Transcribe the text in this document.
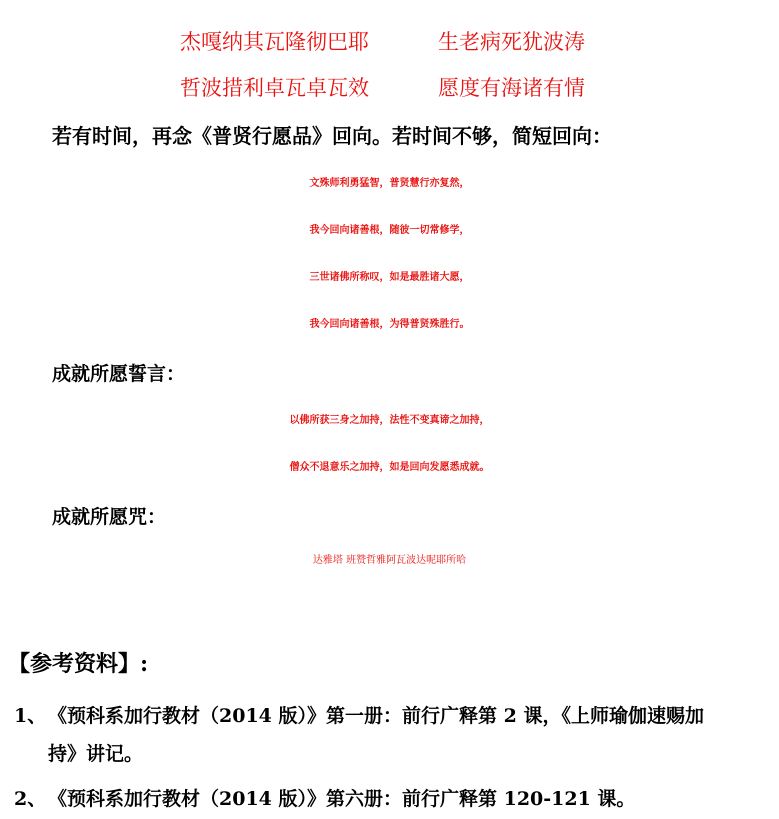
杰嘎纳其瓦隆彻巴耶	生老病死犹波涛
哲波措利卓瓦卓瓦效	愿度有海诸有情
若有时间，再念《普贤行愿品》回向。若时间不够，简短回向：
文殊师利勇猛智，普贤慧行亦复然，
我今回向诸善根，随彼一切常修学，
三世诸佛所称叹，如是最胜诸大愿，
我今回向诸善根，为得普贤殊胜行。
成就所愿誓言：
以佛所获三身之加持，法性不变真谛之加持，
僧众不退意乐之加持，如是回向发愿悉成就。
成就所愿咒：
达雅塔 班赞哲雅阿瓦波达呢耶所哈
【参考资料】:
1、 《预科系加行教材（2014 版）》第一册：前行广释第 2 课，《上师瑜伽速赐加
持》讲记。
2、 《预科系加行教材（2014 版）》第六册：前行广释第 120-121 课。
